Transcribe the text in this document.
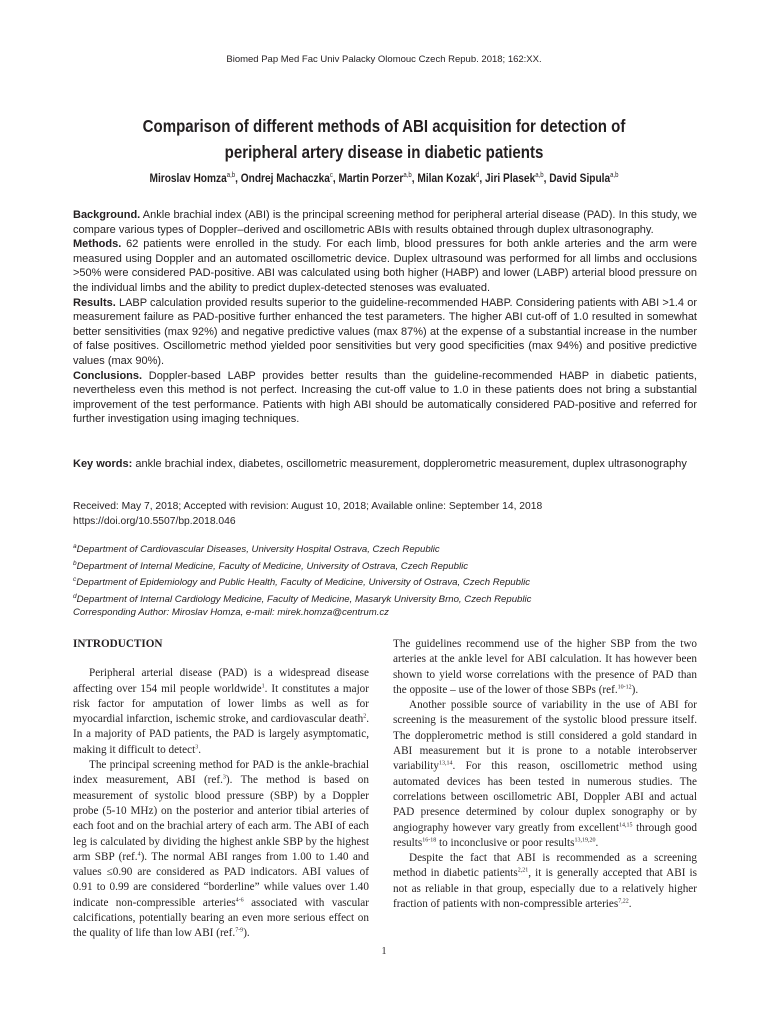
Biomed Pap Med Fac Univ Palacky Olomouc Czech Repub. 2018; 162:XX.
Comparison of different methods of ABI acquisition for detection of peripheral artery disease in diabetic patients
Miroslav Homza$^{a,b}$, Ondrej Machaczka$^c$, Martin Porzer$^{a,b}$, Milan Kozak$^d$, Jiri Plasek$^{a,b}$, David Sipula$^{a,b}$

Background. Ankle brachial index (ABI) is the principal screening method for peripheral arterial disease (PAD). In this study, we compare various types of Doppler–derived and oscillometric ABIs with results obtained through duplex ultrasonography.

Methods. 62 patients were enrolled in the study. For each limb, blood pressures for both ankle arteries and the arm were measured using Doppler and an automated oscillometric device. Duplex ultrasound was performed for all limbs and occlusions >50% were considered PAD-positive. ABI was calculated using both higher (HABP) and lower (LABP) arterial blood pressure on the individual limbs and the ability to predict duplex-detected stenoses was evaluated.

Results. LABP calculation provided results superior to the guideline-recommended HABP. Considering patients with ABI >1.4 or measurement failure as PAD-positive further enhanced the test parameters. The higher ABI cut-off of 1.0 resulted in somewhat better sensitivities (max 92%) and negative predictive values (max 87%) at the expense of a substantial increase in the number of false positives. Oscillometric method yielded poor sensitivities but very good specificities (max 94%) and positive predictive values (max 90%).

Conclusions. Doppler-based LABP provides better results than the guideline-recommended HABP in diabetic patients, nevertheless even this method is not perfect. Increasing the cut-off value to 1.0 in these patients does not bring a substantial improvement of the test performance. Patients with high ABI should be automatically considered PAD-positive and referred for further investigation using imaging techniques.

Key words: ankle brachial index, diabetes, oscillometric measurement, dopplerometric measurement, duplex ultrasonography
Received: May 7, 2018; Accepted with revision: August 10, 2018; Available online: September 14, 2018
https://doi.org/10.5507/bp.2018.046
$^a$Department of Cardiovascular Diseases, University Hospital Ostrava, Czech Republic
$^b$Department of Internal Medicine, Faculty of Medicine, University of Ostrava, Czech Republic
$^c$Department of Epidemiology and Public Health, Faculty of Medicine, University of Ostrava, Czech Republic
$^d$Department of Internal Cardiology Medicine, Faculty of Medicine, Masaryk University Brno, Czech Republic
Corresponding Author: Miroslav Homza, e-mail: mirek.homza@centrum.cz
INTRODUCTION

Peripheral arterial disease (PAD) is a widespread disease affecting over 154 mil people worldwide$^1$. It constitutes a major risk factor for amputation of lower limbs as well as for myocardial infarction, ischemic stroke, and cardiovascular death$^2$. In a majority of PAD patients, the PAD is largely asymptomatic, making it difficult to detect$^3$.

The principal screening method for PAD is the ankle-brachial index measurement, ABI (ref.$^3$). The method is based on measurement of systolic blood pressure (SBP) by a Doppler probe (5-10 MHz) on the posterior and anterior tibial arteries of each foot and on the brachial artery of each arm. The ABI of each leg is calculated by dividing the highest ankle SBP by the highest arm SBP (ref.$^4$). The normal ABI ranges from 1.00 to 1.40 and values ≤0.90 are considered as PAD indicators. ABI values of 0.91 to 0.99 are considered “borderline” while values over 1.40 indicate non-compressible arteries$^{4-6}$ associated with vascular calcifications, potentially bearing an even more serious effect on the quality of life than low ABI (ref.$^{7-9}$).

The guidelines recommend use of the higher SBP from the two arteries at the ankle level for ABI calculation. It has however been shown to yield worse correlations with the presence of PAD than the opposite – use of the lower of those SBPs (ref.$^{10-12}$).

Another possible source of variability in the use of ABI for screening is the measurement of the systolic blood pressure itself. The dopplerometric method is still considered a gold standard in ABI measurement but it is prone to a notable interobserver variability$^{13,14}$. For this reason, oscillometric method using automated devices has been tested in numerous studies. The correlations between oscillometric ABI, Doppler ABI and actual PAD presence determined by colour duplex sonography or by angiography however vary greatly from excellent$^{14,15}$ through good results$^{16-18}$ to inconclusive or poor results$^{13,19,20}$.

Despite the fact that ABI is recommended as a screening method in diabetic patients$^{2,21}$, it is generally accepted that ABI is not as reliable in that group, especially due to a relatively higher fraction of patients with non-compressible arteries$^{7,22}$.

1
